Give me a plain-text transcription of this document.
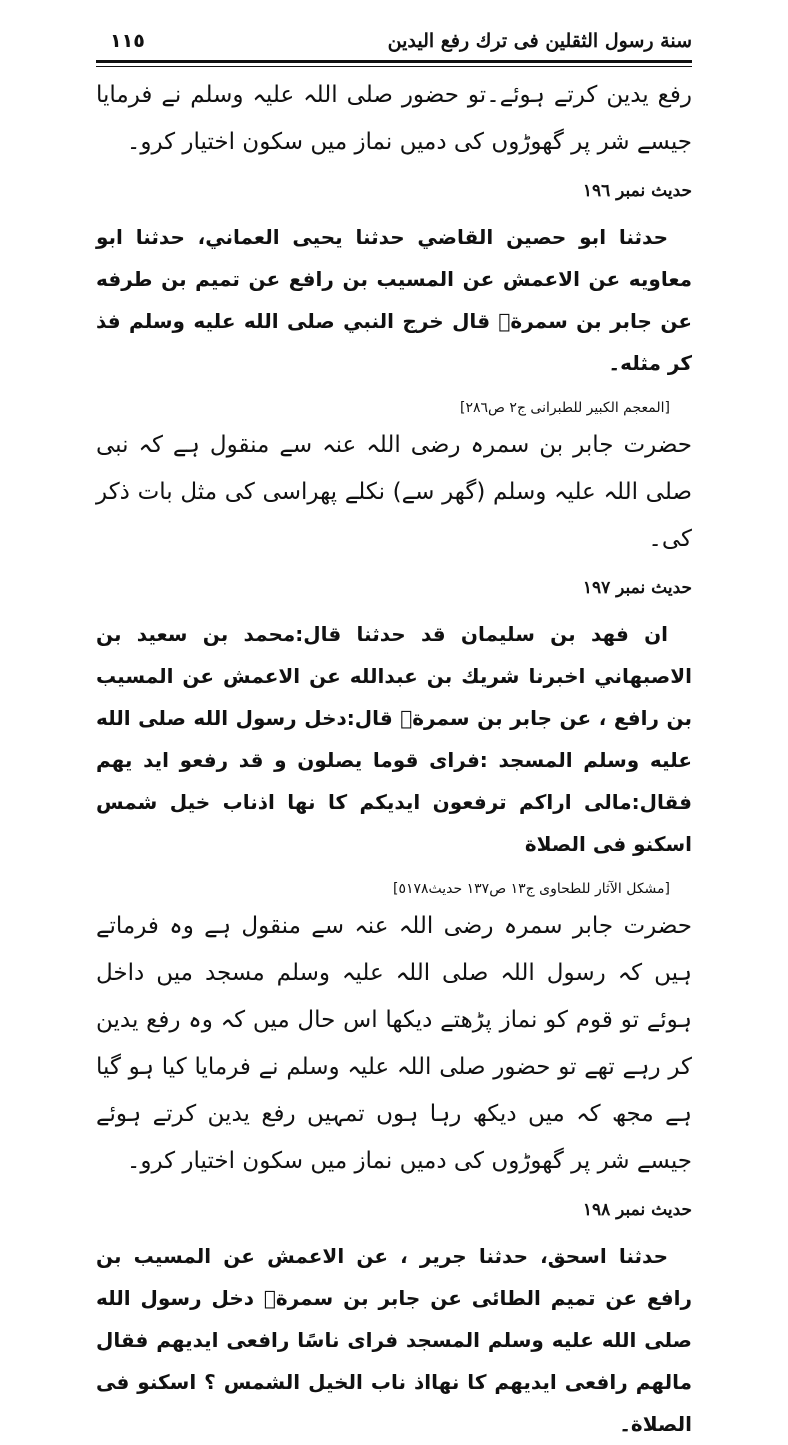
سنة رسول الثقلين فى ترك رفع اليدين
١١٥

رفع یدین کرتے ہوئے۔تو حضور صلی اللہ علیہ وسلم نے فرمایا جیسے شر پر گھوڑوں کی دمیں نماز میں سکون اختیار کرو۔

حدیث نمبر ١٩٦

حدثنا ابو حصين القاضي حدثنا يحيى العماني، حدثنا ابو معاويه عن الاعمش عن المسيب بن رافع عن تميم بن طرفه عن جابر بن سمرةؓ قال خرج النبي صلى الله عليه وسلم فذ كر مثله۔

[المعجم الكبير للطبرانی ج٢ ص٢٨٦]

حضرت جابر بن سمرہ رضی اللہ عنہ سے منقول ہے کہ نبی صلی اللہ علیہ وسلم (گھر سے) نکلے پھراسی کی مثل بات ذکر کی۔

حدیث نمبر ١٩٧

ان فهد بن سليمان قد حدثنا قال:محمد بن سعيد بن الاصبهاني اخبرنا شريك بن عبدالله عن الاعمش عن المسيب بن رافع ، عن جابر بن سمرةؓ قال:دخل رسول الله صلى الله عليه وسلم المسجد :فرای قوما يصلون و قد رفعو ايد يهم فقال:مالی اراكم ترفعون ايديكم كا نها اذناب خيل شمس اسكنو فی الصلاة

[مشكل الآثار للطحاوی ج١٣ ص١٣٧ حديث٥١٧٨]

حضرت جابر سمرہ رضی اللہ عنہ سے منقول ہے وہ فرماتے ہیں کہ رسول اللہ صلی اللہ علیہ وسلم مسجد میں داخل ہوئے تو قوم کو نماز پڑھتے دیکھا اس حال میں کہ وہ رفع یدین کر رہے تھے تو حضور صلی اللہ علیہ وسلم نے فرمایا کیا ہو گیا ہے مجھ کہ میں دیکھ رہا ہوں تمہیں رفع یدین کرتے ہوئے جیسے شر پر گھوڑوں کی دمیں نماز میں سکون اختیار کرو۔

حدیث نمبر ١٩٨

حدثنا اسحق، حدثنا جرير ، عن الاعمش عن المسيب بن رافع عن تميم الطائی عن جابر بن سمرةؓ دخل رسول الله صلى الله عليه وسلم المسجد فرای ناسًا رافعی ايديهم فقال مالهم رافعی ايديهم كا نهااذ ناب الخيل الشمس ؟ اسكنو فی الصلاة۔
